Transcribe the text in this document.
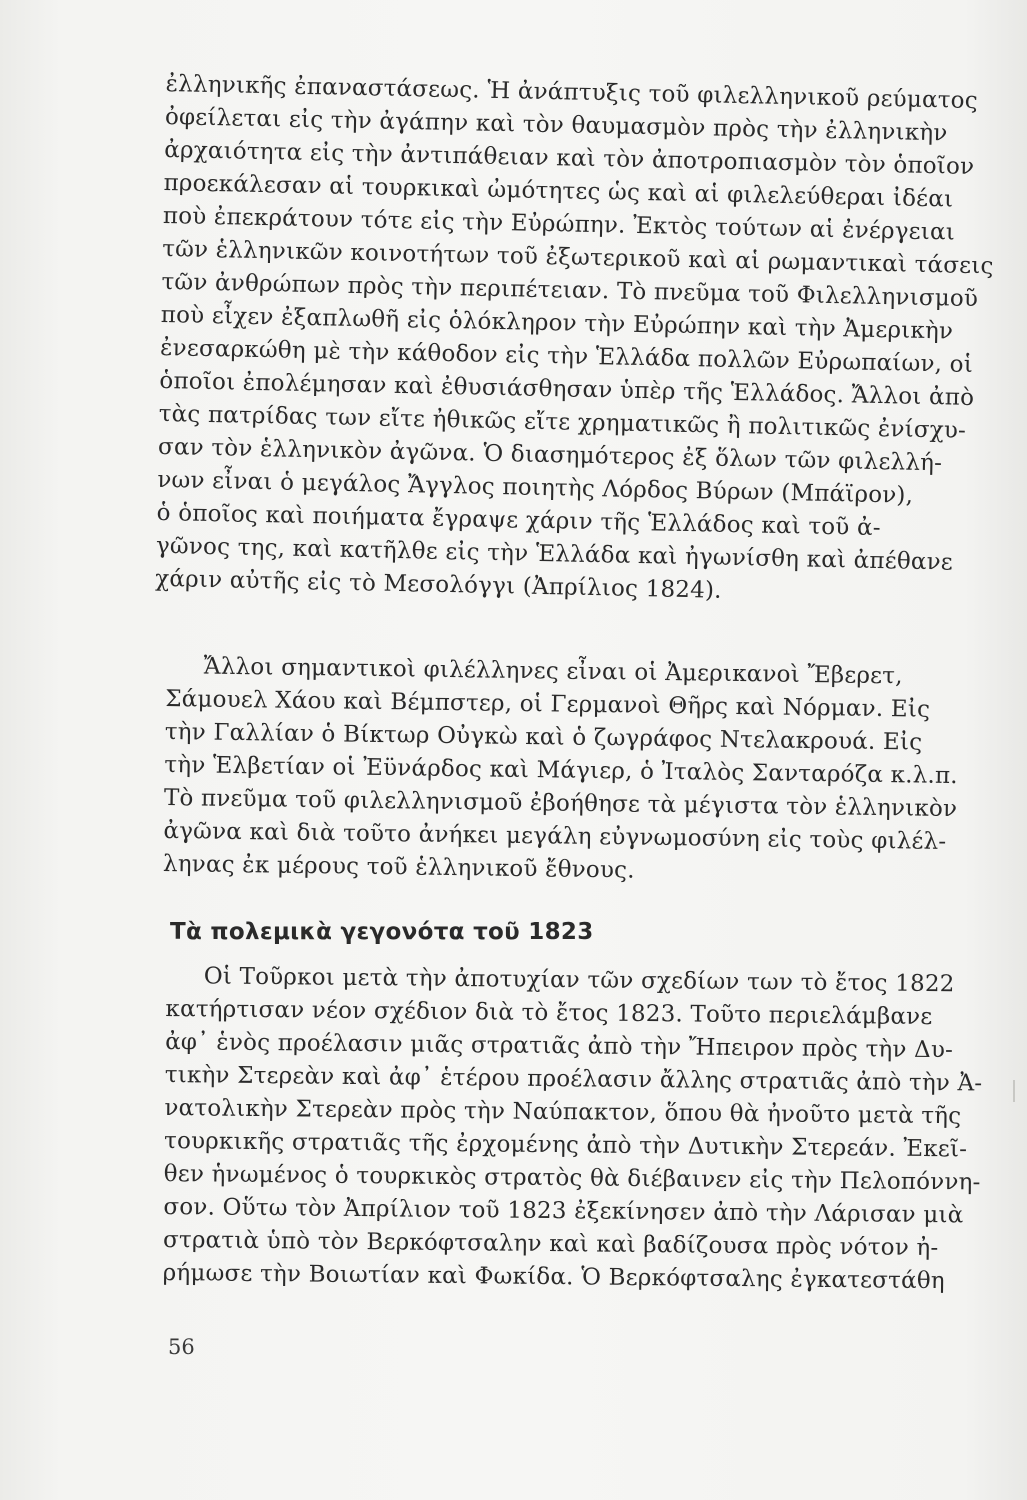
ἐλληνικῆς ἐπαναστάσεως. Ἡ ἀνάπτυξις τοῦ φιλελληνικοῦ ρεύματος
ὀφείλεται εἰς τὴν ἀγάπην καὶ τὸν θαυμασμὸν πρὸς τὴν ἐλληνικὴν
ἀρχαιότητα εἰς τὴν ἀντιπάθειαν καὶ τὸν ἀποτροπιασμὸν τὸν ὁποῖον
προεκάλεσαν αἱ τουρκικαὶ ὠμότητες ὡς καὶ αἱ φιλελεύθεραι ἰδέαι
ποὺ ἐπεκράτουν τότε εἰς τὴν Εὐρώπην. Ἐκτὸς τούτων αἱ ἐνέργειαι
τῶν ἑλληνικῶν κοινοτήτων τοῦ ἐξωτερικοῦ καὶ αἱ ρωμαντικαὶ τάσεις
τῶν ἀνθρώπων πρὸς τὴν περιπέτειαν. Τὸ πνεῦμα τοῦ Φιλελληνισμοῦ
ποὺ εἶχεν ἐξαπλωθῆ εἰς ὁλόκληρον τὴν Εὐρώπην καὶ τὴν Ἀμερικὴν
ἐνεσαρκώθη μὲ τὴν κάθοδον εἰς τὴν Ἑλλάδα πολλῶν Εὐρωπαίων, οἱ
ὁποῖοι ἐπολέμησαν καὶ ἐθυσιάσθησαν ὑπὲρ τῆς Ἑλλάδος. Ἄλλοι ἀπὸ
τὰς πατρίδας των εἴτε ἠθικῶς εἴτε χρηματικῶς ἢ πολιτικῶς ἐνίσχυ-
σαν τὸν ἑλληνικὸν ἀγῶνα. Ὁ διασημότερος ἐξ ὅλων τῶν φιλελλή-
νων εἶναι ὁ μεγάλος Ἄγγλος ποιητὴς Λόρδος Βύρων (Μπάϊρον),
ὁ ὁποῖος καὶ ποιήματα ἔγραψε χάριν τῆς Ἑλλάδος καὶ τοῦ ἀ-
γῶνος της, καὶ κατῆλθε εἰς τὴν Ἑλλάδα καὶ ἠγωνίσθη καὶ ἀπέθανε
χάριν αὐτῆς εἰς τὸ Μεσολόγγι (Ἀπρίλιος 1824).

Ἄλλοι σημαντικοὶ φιλέλληνες εἶναι οἱ Ἀμερικανοὶ Ἔβερετ,
Σάμουελ Χάου καὶ Βέμπστερ, οἱ Γερμανοὶ Θῆρς καὶ Νόρμαν. Εἰς
τὴν Γαλλίαν ὁ Βίκτωρ Οὐγκὼ καὶ ὁ ζωγράφος Ντελακρουά. Εἰς
τὴν Ἑλβετίαν οἱ Ἐϋνάρδος καὶ Μάγιερ, ὁ Ἰταλὸς Σανταρόζα κ.λ.π.
Τὸ πνεῦμα τοῦ φιλελληνισμοῦ ἐβοήθησε τὰ μέγιστα τὸν ἑλληνικὸν
ἀγῶνα καὶ διὰ τοῦτο ἀνήκει μεγάλη εὐγνωμοσύνη εἰς τοὺς φιλέλ-
ληνας ἐκ μέρους τοῦ ἑλληνικοῦ ἔθνους.

Τὰ πολεμικὰ γεγονότα τοῦ 1823

Οἱ Τοῦρκοι μετὰ τὴν ἀποτυχίαν τῶν σχεδίων των τὸ ἔτος 1822
κατήρτισαν νέον σχέδιον διὰ τὸ ἔτος 1823. Τοῦτο περιελάμβανε
ἀφ᾽ ἑνὸς προέλασιν μιᾶς στρατιᾶς ἀπὸ τὴν Ἤπειρον πρὸς τὴν Δυ-
τικὴν Στερεὰν καὶ ἀφ᾽ ἑτέρου προέλασιν ἄλλης στρατιᾶς ἀπὸ τὴν Ἀ-
νατολικὴν Στερεὰν πρὸς τὴν Ναύπακτον, ὅπου θὰ ἠνοῦτο μετὰ τῆς
τουρκικῆς στρατιᾶς τῆς ἐρχομένης ἀπὸ τὴν Δυτικὴν Στερεάν. Ἐκεῖ-
θεν ἡνωμένος ὁ τουρκικὸς στρατὸς θὰ διέβαινεν εἰς τὴν Πελοπόννη-
σον. Οὕτω τὸν Ἀπρίλιον τοῦ 1823 ἐξεκίνησεν ἀπὸ τὴν Λάρισαν μιὰ
στρατιὰ ὑπὸ τὸν Βερκόφτσαλην καὶ καὶ βαδίζουσα πρὸς νότον ἠ-
ρήμωσε τὴν Βοιωτίαν καὶ Φωκίδα. Ὁ Βερκόφτσαλης ἐγκατεστάθη

56
